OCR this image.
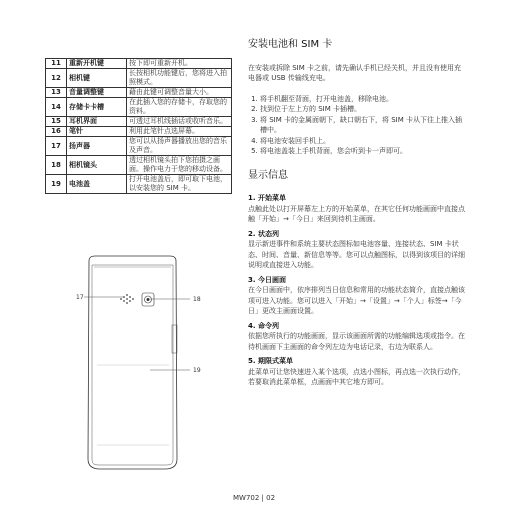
11	重新开机键	按下即可重新开机。
12	相机键	长按相机功能键后，您将进入拍照模式。
13	音量调整键	藉由此键可调整音量大小。
14	存储卡卡槽	在此插入您的存储卡，存取您的资料。
15	耳机界面	可透过耳机线插话或收听音乐。
16	笔针	利用此笔针点选屏幕。
17	扬声器	您可以从扬声器播放出您的音乐及声音。
18	相机镜头	透过相机镜头拍下您拍摄之画面。操作电力于您的移动设备。
19	电池盖	打开电池盖后，即可取下电池，以安装您的 SIM 卡。
17	18
19
安装电池和 SIM 卡

在安装或拆除 SIM 卡之前，请先确认手机已经关机，并且没有使用充电器或 USB 传输线充电。

1. 将手机翻至背面，打开电池盖，移除电池。
2. 找到位于左上方的 SIM 卡插槽。
3. 将 SIM 卡的金属面朝下，缺口朝右下，将 SIM 卡从下往上推入插槽中。
4. 将电池安装回手机上。
5. 将电池盖装上手机背面，您会听到卡一声即可。
显示信息
1. 开始菜单
点触此处以打开屏幕左上方的开始菜单，在其它任何功能画面中直接点触「开始」→「今日」来回到待机主画面。
2. 状态列
显示新进事件和系统主要状态图标如电池容量、连接状态、SIM 卡状态、时间、音量、新信息等等。您可以点触图标，以得到该项目的详细说明或直接进入功能。
3. 今日画面
在今日画面中，依序排列当日信息和常用的功能状态简介，直接点触该项可进入功能。您可以进入「开始」→「设置」→「个人」标签→「今日」更改主画面设置。
4. 命令列
依据您所执行的功能画面，显示该画面所需的功能编辑选项或指令。在待机画面下主画面的命令列左边为电话记录，右边为联系人。
5. 期限式菜单
此菜单可让您快速进入某个选项，点选小图标，再点选一次执行动作，若要取消此菜单框，点画面中其它地方即可。
MW702 | 02
